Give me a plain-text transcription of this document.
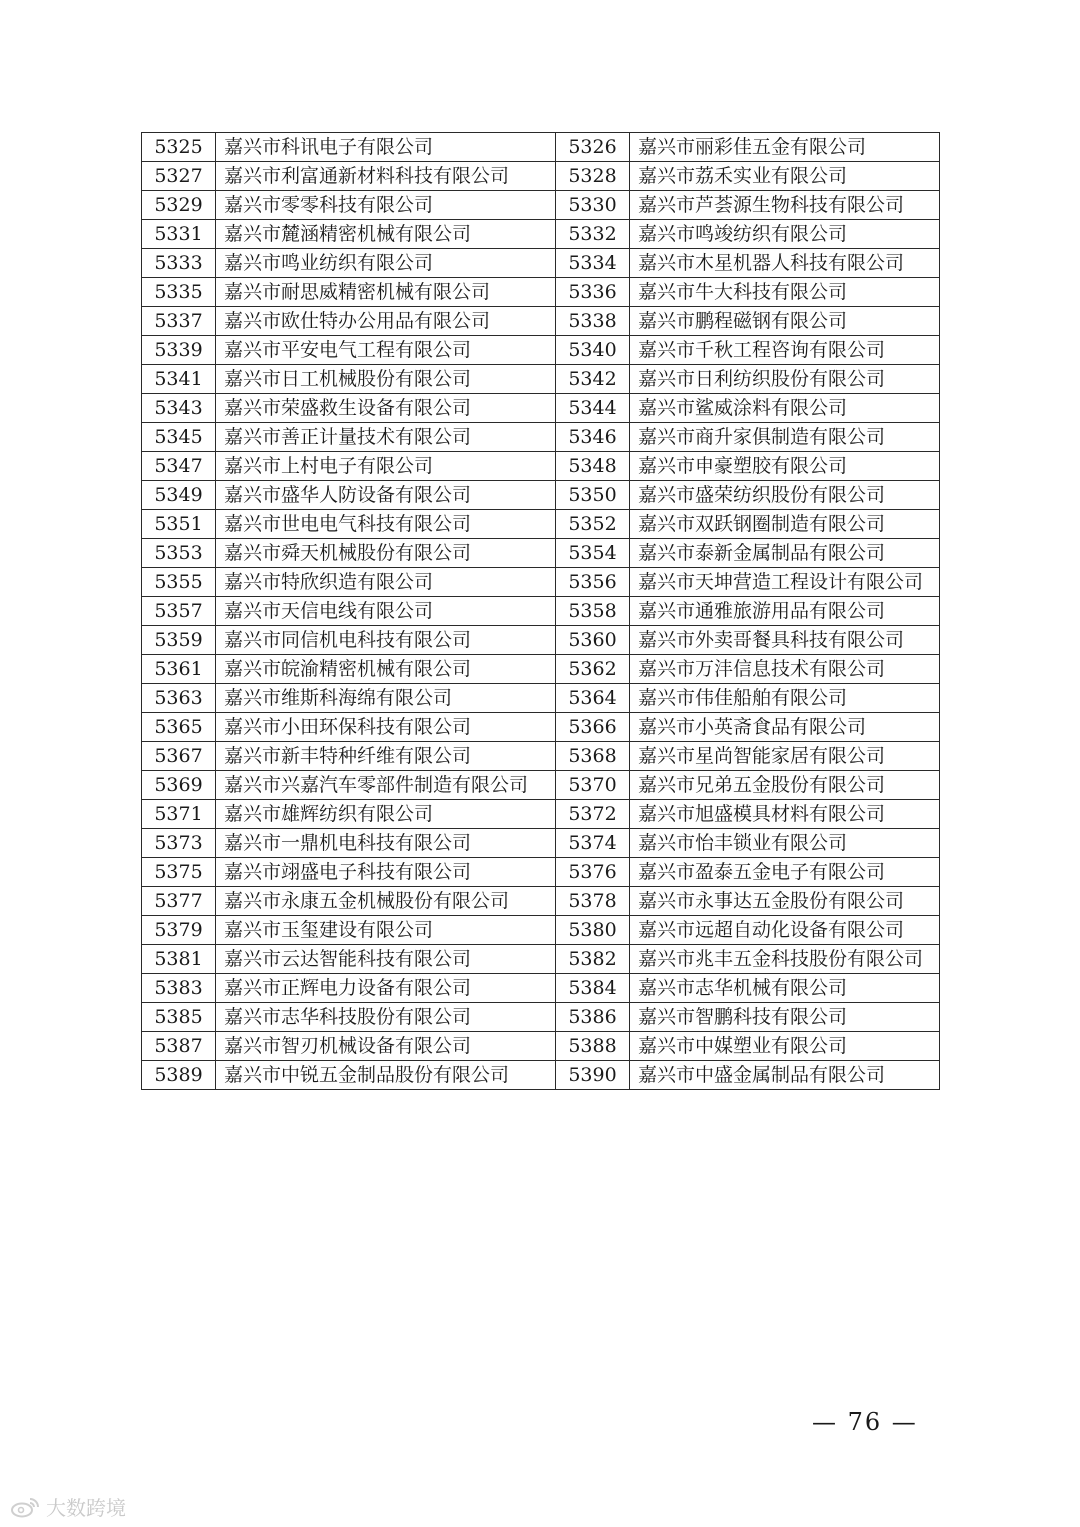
5325	嘉兴市科讯电子有限公司	5326	嘉兴市丽彩佳五金有限公司
5327	嘉兴市利富通新材料科技有限公司	5328	嘉兴市荔禾实业有限公司
5329	嘉兴市零零科技有限公司	5330	嘉兴市芦荟源生物科技有限公司
5331	嘉兴市麓涵精密机械有限公司	5332	嘉兴市鸣竣纺织有限公司
5333	嘉兴市鸣业纺织有限公司	5334	嘉兴市木星机器人科技有限公司
5335	嘉兴市耐思威精密机械有限公司	5336	嘉兴市牛大科技有限公司
5337	嘉兴市欧仕特办公用品有限公司	5338	嘉兴市鹏程磁钢有限公司
5339	嘉兴市平安电气工程有限公司	5340	嘉兴市千秋工程咨询有限公司
5341	嘉兴市日工机械股份有限公司	5342	嘉兴市日利纺织股份有限公司
5343	嘉兴市荣盛救生设备有限公司	5344	嘉兴市鲨威涂料有限公司
5345	嘉兴市善正计量技术有限公司	5346	嘉兴市商升家俱制造有限公司
5347	嘉兴市上村电子有限公司	5348	嘉兴市申豪塑胶有限公司
5349	嘉兴市盛华人防设备有限公司	5350	嘉兴市盛荣纺织股份有限公司
5351	嘉兴市世电电气科技有限公司	5352	嘉兴市双跃钢圈制造有限公司
5353	嘉兴市舜天机械股份有限公司	5354	嘉兴市泰新金属制品有限公司
5355	嘉兴市特欣织造有限公司	5356	嘉兴市天坤营造工程设计有限公司
5357	嘉兴市天信电线有限公司	5358	嘉兴市通雅旅游用品有限公司
5359	嘉兴市同信机电科技有限公司	5360	嘉兴市外卖哥餐具科技有限公司
5361	嘉兴市皖渝精密机械有限公司	5362	嘉兴市万沣信息技术有限公司
5363	嘉兴市维斯科海绵有限公司	5364	嘉兴市伟佳船舶有限公司
5365	嘉兴市小田环保科技有限公司	5366	嘉兴市小英斋食品有限公司
5367	嘉兴市新丰特种纤维有限公司	5368	嘉兴市星尚智能家居有限公司
5369	嘉兴市兴嘉汽车零部件制造有限公司	5370	嘉兴市兄弟五金股份有限公司
5371	嘉兴市雄辉纺织有限公司	5372	嘉兴市旭盛模具材料有限公司
5373	嘉兴市一鼎机电科技有限公司	5374	嘉兴市怡丰锁业有限公司
5375	嘉兴市翊盛电子科技有限公司	5376	嘉兴市盈泰五金电子有限公司
5377	嘉兴市永康五金机械股份有限公司	5378	嘉兴市永事达五金股份有限公司
5379	嘉兴市玉玺建设有限公司	5380	嘉兴市远超自动化设备有限公司
5381	嘉兴市云达智能科技有限公司	5382	嘉兴市兆丰五金科技股份有限公司
5383	嘉兴市正辉电力设备有限公司	5384	嘉兴市志华机械有限公司
5385	嘉兴市志华科技股份有限公司	5386	嘉兴市智鹏科技有限公司
5387	嘉兴市智刃机械设备有限公司	5388	嘉兴市中媒塑业有限公司
5389	嘉兴市中锐五金制品股份有限公司	5390	嘉兴市中盛金属制品有限公司
— 76 —
大数跨境
